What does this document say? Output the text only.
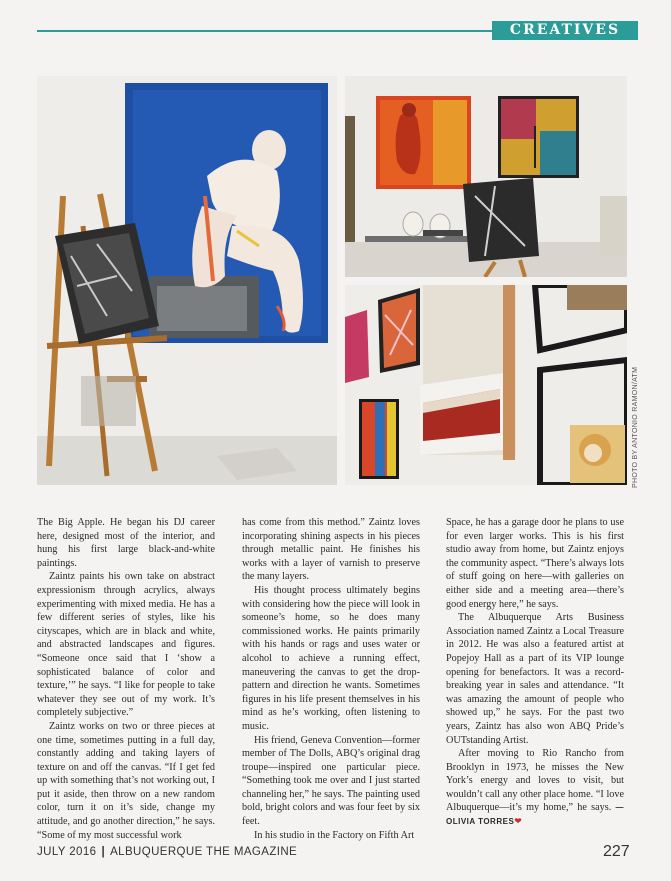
CREATIVES
PHOTO BY ANTONIO RAMON/ATM

The Big Apple. He began his DJ career here, designed most of the interior, and hung his first large black-and-white paintings.

Zaintz paints his own take on abstract expressionism through acrylics, always experimenting with mixed media. He has a few different series of styles, like his cityscapes, which are in black and white, and abstracted landscapes and figures. “Someone once said that I ‘show a sophisticated balance of color and texture,’” he says. “I like for people to take whatever they see out of my work. It’s completely subjective.”

Zaintz works on two or three pieces at one time, sometimes putting in a full day, constantly adding and taking layers of texture on and off the canvas. “If I get fed up with something that’s not working out, I put it aside, then throw on a new random color, turn it on it’s side, change my attitude, and go another direction,” he says. “Some of my most successful work

has come from this method.” Zaintz loves incorporating shining aspects in his pieces through metallic paint. He finishes his works with a layer of varnish to preserve the many layers.

His thought process ultimately begins with considering how the piece will look in someone’s home, so he does many commissioned works. He paints primarily with his hands or rags and uses water or alcohol to achieve a running effect, maneuvering the canvas to get the drop-pattern and direction he wants. Sometimes figures in his life present themselves in his mind as he’s working, often listening to music.

His friend, Geneva Convention—former member of The Dolls, ABQ’s original drag troupe—inspired one particular piece. “Something took me over and I just started channeling her,” he says. The painting used bold, bright colors and was four feet by six feet.

In his studio in the Factory on Fifth Art

Space, he has a garage door he plans to use for even larger works. This is his first studio away from home, but Zaintz enjoys the community aspect. “There’s always lots of stuff going on here—with galleries on either side and a meeting area—there’s good energy here,” he says.

The Albuquerque Arts Business Association named Zaintz a Local Treasure in 2012. He was also a featured artist at Popejoy Hall as a part of its VIP lounge opening for benefactors. It was a record-breaking year in sales and attendance. “It was amazing the amount of people who showed up,” he says. For the past two years, Zaintz has also won ABQ Pride’s OUTstanding Artist.

After moving to Rio Rancho from Brooklyn in 1973, he misses the New York’s energy and loves to visit, but wouldn’t call any other place home. “I love Albuquerque—it’s my home,” he says. —OLIVIA TORRES❤

JULY 2016 | ALBUQUERQUE THE MAGAZINE	227
